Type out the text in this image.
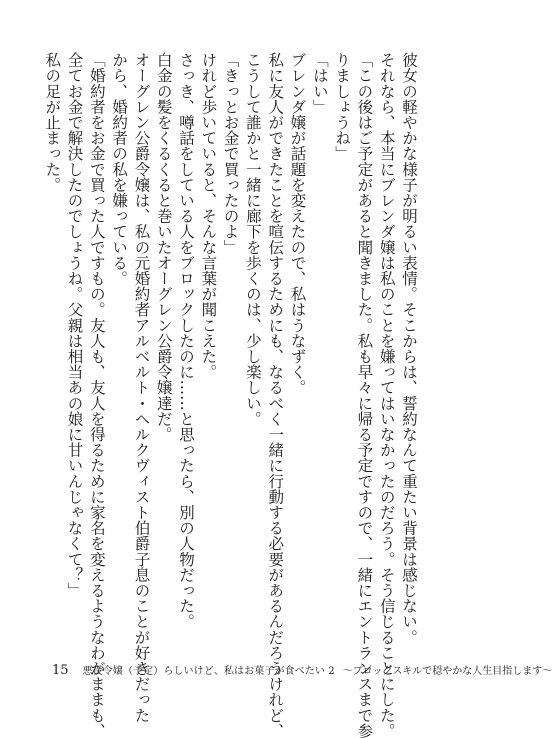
彼女の軽やかな様子が明るい表情。そこからは、誓約なんて重たい背景は感じない。
それなら、本当にブレンダ嬢は私のことを嫌ってはいなかったのだろう。そう信じることにした。
「この後はご予定があると聞きました。私も早々に帰る予定ですので、一緒にエントランスまで参
りましょうね」
「はい」
ブレンダ嬢が話題を変えたので、私はうなずく。
私に友人ができたことを喧伝するためにも、なるべく一緒に行動する必要があるんだろうけれど、
こうして誰かと一緒に廊下を歩くのは、少し楽しい。
「きっとお金で買ったのよ」
けれど歩いていると、そんな言葉が聞こえた。
さっき、噂話をしている人をブロックしたのに……と思ったら、別の人物だった。
白金の髪をくるくると巻いたオーグレン公爵令嬢達だ。
オーグレン公爵令嬢は、私の元婚約者アルベルト・ヘルクヴィスト伯爵子息のことが好きだった
から、婚約者の私を嫌っている。
「婚約者をお金で買った人ですもの。友人も、友人を得るために家名を変えるようなわがままも、
全てお金で解決したのでしょうね。父親は相当あの娘に甘いんじゃなくて？」
私の足が止まった。
15 悪役令嬢（予定）らしいけど、私はお菓子が食べたい 2 ～ブロックスキルで穏やかな人生目指します～
